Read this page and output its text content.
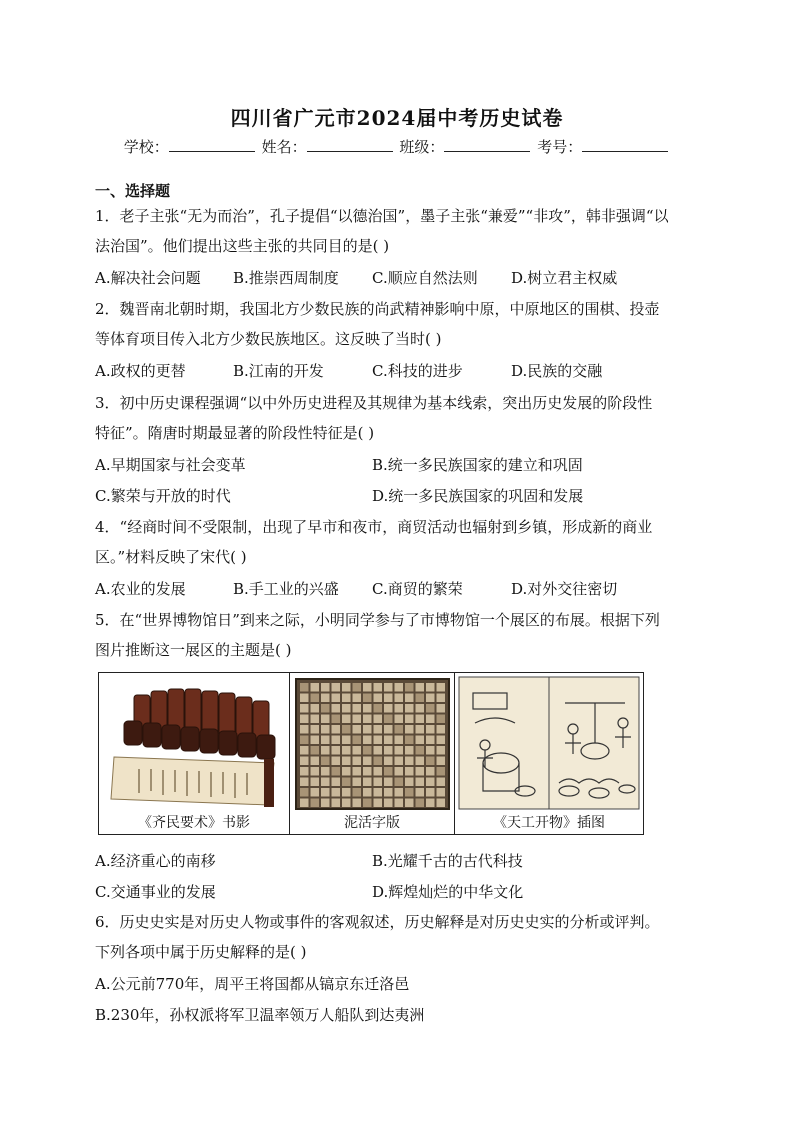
四川省广元市2024届中考历史试卷
学校：	姓名：	班级：	考号：
一、选择题
1．老子主张“无为而治”，孔子提倡“以德治国”，墨子主张“兼爱”“非攻”，韩非强调“以
法治国”。他们提出这些主张的共同目的是( )
A.解决社会问题 B.推崇西周制度 C.顺应自然法则 D.树立君主权威
2．魏晋南北朝时期，我国北方少数民族的尚武精神影响中原，中原地区的围棋、投壶
等体育项目传入北方少数民族地区。这反映了当时( )
A.政权的更替	B.江南的开发	C.科技的进步	D.民族的交融
3．初中历史课程强调“以中外历史进程及其规律为基本线索，突出历史发展的阶段性
特征”。隋唐时期最显著的阶段性特征是( )
A.早期国家与社会变革	B.统一多民族国家的建立和巩固
C.繁荣与开放的时代	D.统一多民族国家的巩固和发展
4．“经商时间不受限制，出现了早市和夜市，商贸活动也辐射到乡镇，形成新的商业
区。”材料反映了宋代( )
A.农业的发展	B.手工业的兴盛 C.商贸的繁荣	D.对外交往密切
5．在“世界博物馆日”到来之际，小明同学参与了市博物馆一个展区的布展。根据下列
图片推断这一展区的主题是( )
《齐民要术》书影	泥活字版	《天工开物》插图
A.经济重心的南移	B.光耀千古的古代科技
C.交通事业的发展	D.辉煌灿烂的中华文化
6．历史史实是对历史人物或事件的客观叙述，历史解释是对历史史实的分析或评判。
下列各项中属于历史解释的是( )
A.公元前770年，周平王将国都从镐京东迁洛邑
B.230年，孙权派将军卫温率领万人船队到达夷洲
